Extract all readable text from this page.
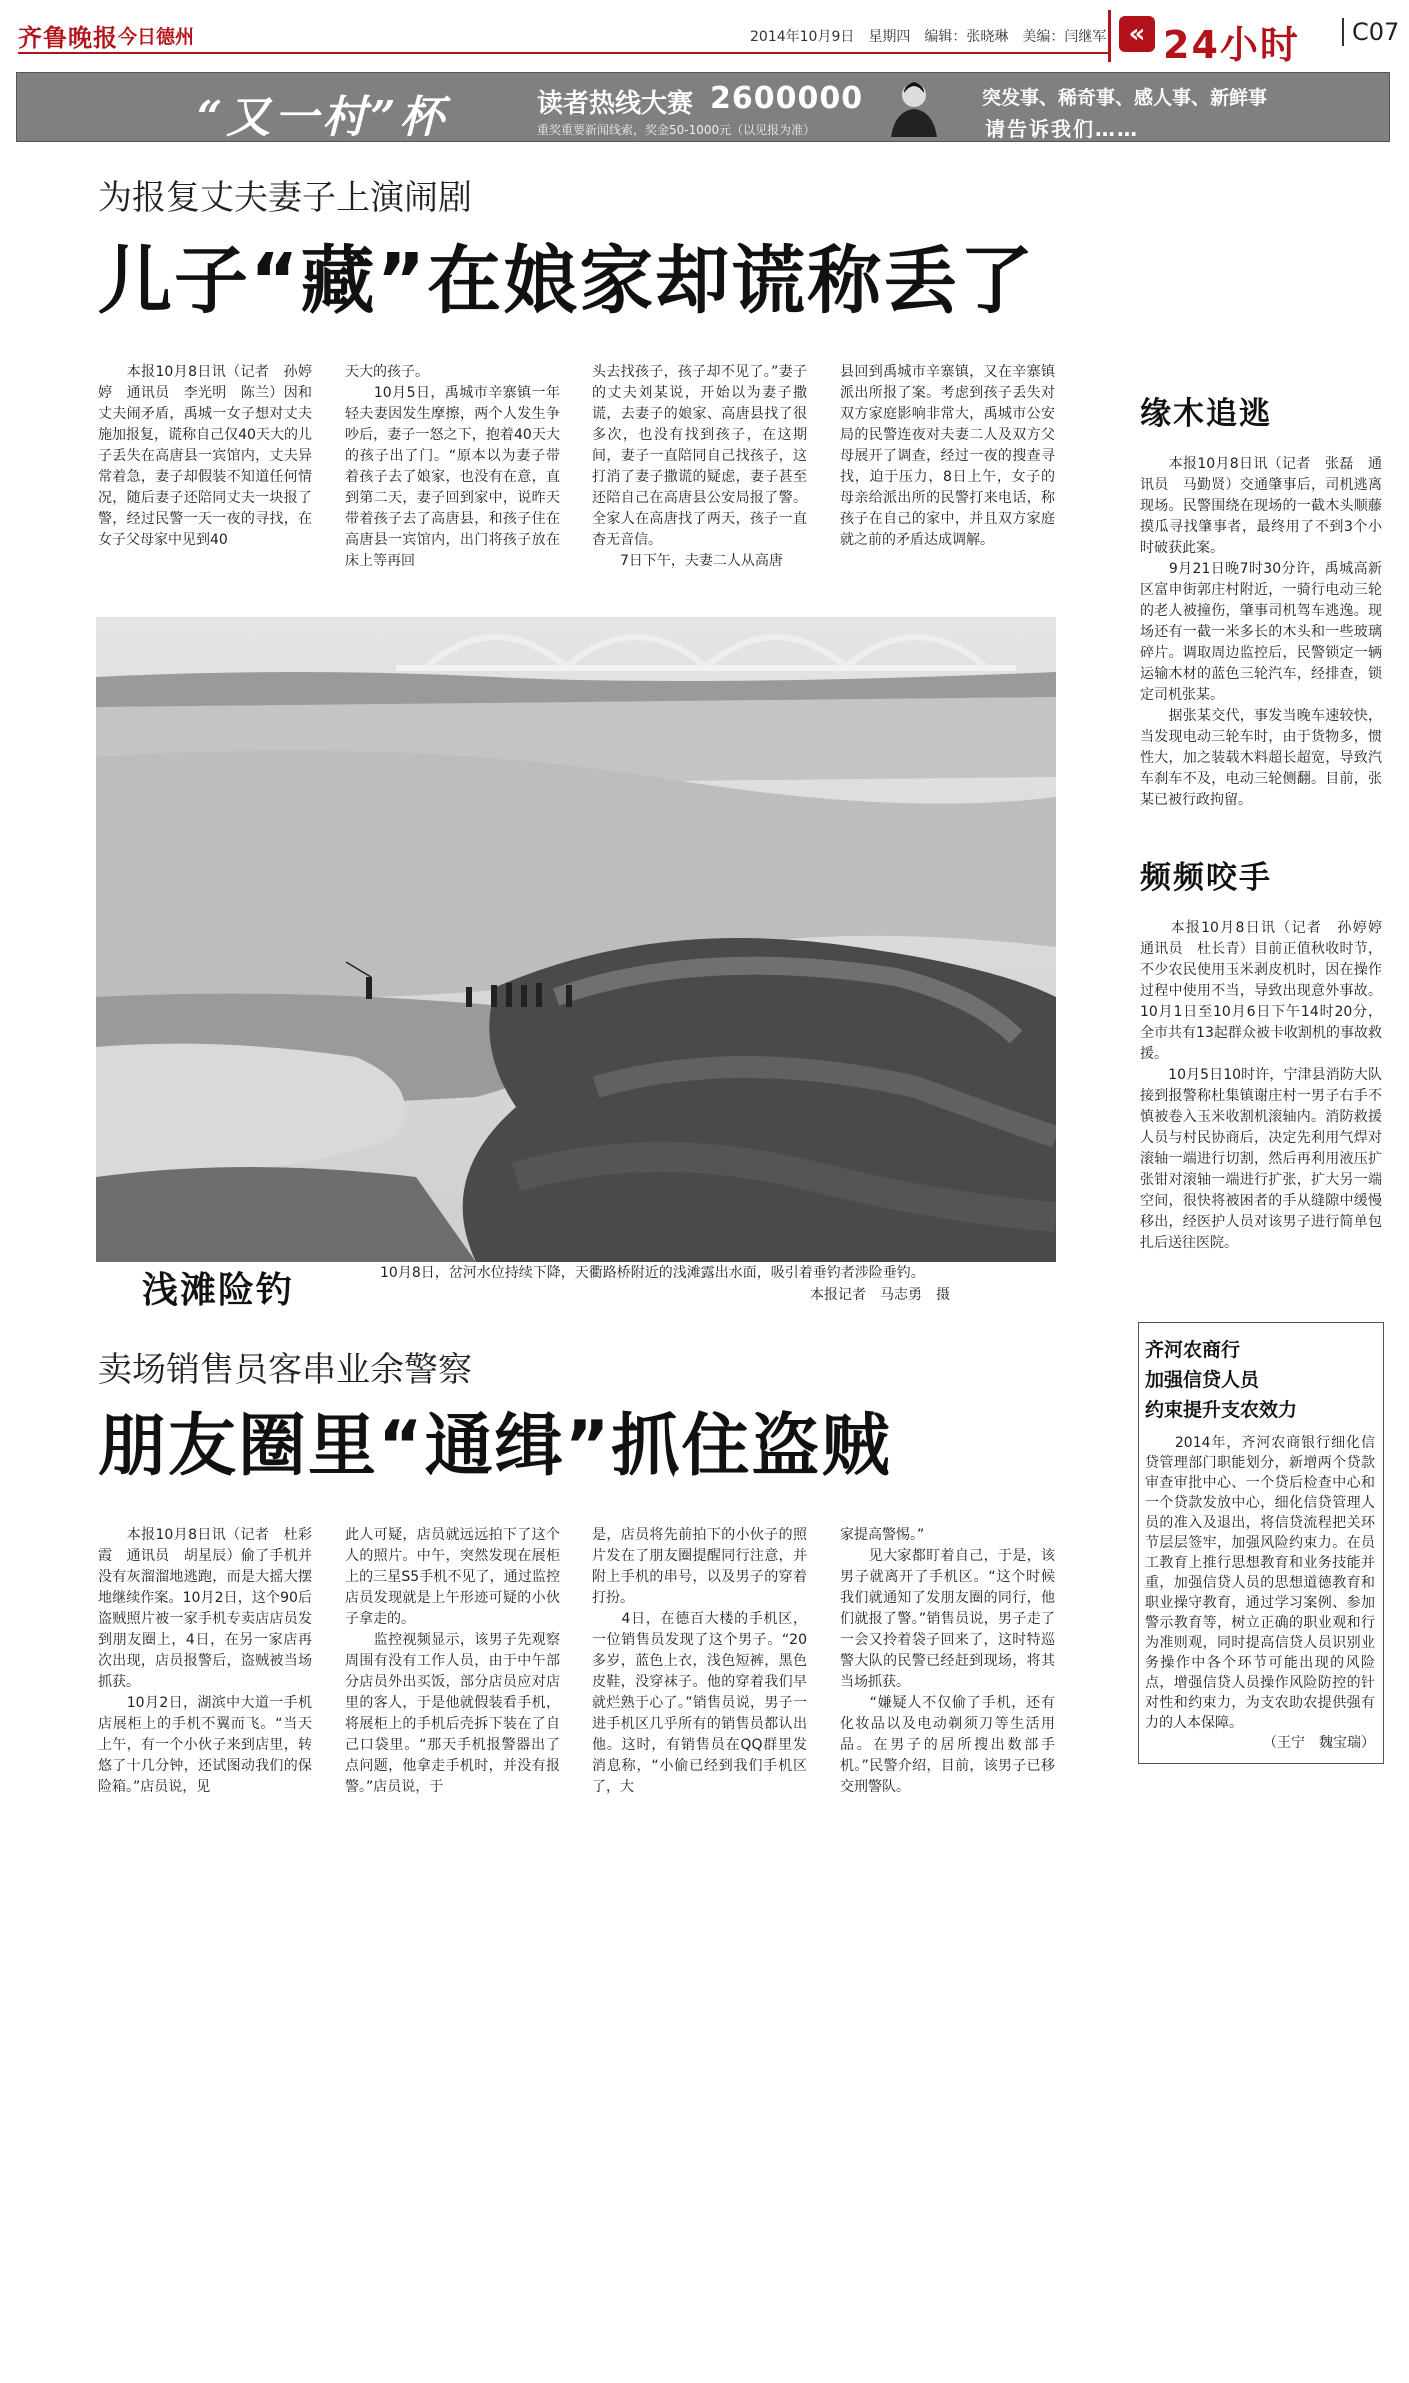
齐鲁晚报 今日德州	2014年10月9日　星期四　编辑：张晓琳　美编：闫继军 « 24小时	C07
“又一村”杯	读者热线大赛 2600000
重奖重要新闻线索，奖金50-1000元（以见报为准）
突发事、稀奇事、感人事、新鲜事
请告诉我们……
为报复丈夫妻子上演闹剧
儿子“藏”在娘家却谎称丢了
　　本报10月8日讯（记者　孙婷婷　通讯员　李光明　陈兰）因和丈夫闹矛盾，禹城一女子想对丈夫施加报复，谎称自己仅40天大的儿子丢失在高唐县一宾馆内，丈夫异常着急，妻子却假装不知道任何情况，随后妻子还陪同丈夫一块报了警，经过民警一天一夜的寻找，在女子父母家中见到40
天大的孩子。
　　10月5日，禹城市辛寨镇一年轻夫妻因发生摩擦，两个人发生争吵后，妻子一怒之下，抱着40天大的孩子出了门。“原本以为妻子带着孩子去了娘家，也没有在意，直到第二天，妻子回到家中，说昨天带着孩子去了高唐县，和孩子住在高唐县一宾馆内，出门将孩子放在床上等再回
头去找孩子，孩子却不见了。”妻子的丈夫刘某说，开始以为妻子撒谎，去妻子的娘家、高唐县找了很多次，也没有找到孩子，在这期间，妻子一直陪同自己找孩子，这打消了妻子撒谎的疑虑，妻子甚至还陪自己在高唐县公安局报了警。全家人在高唐找了两天，孩子一直杳无音信。
　　7日下午，夫妻二人从高唐
县回到禹城市辛寨镇，又在辛寨镇派出所报了案。考虑到孩子丢失对双方家庭影响非常大，禹城市公安局的民警连夜对夫妻二人及双方父母展开了调查，经过一夜的搜查寻找，迫于压力，8日上午，女子的母亲给派出所的民警打来电话，称孩子在自己的家中，并且双方家庭就之前的矛盾达成调解。
浅滩险钓	10月8日，岔河水位持续下降，天衢路桥附近的浅滩露出水面，吸引着垂钓者涉险垂钓。
本报记者　马志勇　摄
卖场销售员客串业余警察
朋友圈里“通缉”抓住盗贼
　　本报10月8日讯（记者　杜彩霞　通讯员　胡星辰）偷了手机并没有灰溜溜地逃跑，而是大摇大摆地继续作案。10月2日，这个90后盗贼照片被一家手机专卖店店员发到朋友圈上，4日，在另一家店再次出现，店员报警后，盗贼被当场抓获。
　　10月2日，湖滨中大道一手机店展柜上的手机不翼而飞。“当天上午，有一个小伙子来到店里，转悠了十几分钟，还试图动我们的保险箱。”店员说，见
此人可疑，店员就远远拍下了这个人的照片。中午，突然发现在展柜上的三星S5手机不见了，通过监控店员发现就是上午形迹可疑的小伙子拿走的。
　　监控视频显示，该男子先观察周围有没有工作人员，由于中午部分店员外出买饭，部分店员应对店里的客人，于是他就假装看手机，将展柜上的手机后壳拆下装在了自己口袋里。“那天手机报警器出了点问题，他拿走手机时，并没有报警。”店员说，于
是，店员将先前拍下的小伙子的照片发在了朋友圈提醒同行注意，并附上手机的串号，以及男子的穿着打扮。
　　4日，在德百大楼的手机区，一位销售员发现了这个男子。“20多岁，蓝色上衣，浅色短裤，黑色皮鞋，没穿袜子。他的穿着我们早就烂熟于心了。”销售员说，男子一进手机区几乎所有的销售员都认出他。这时，有销售员在QQ群里发消息称，“小偷已经到我们手机区了，大
家提高警惕。”
　　见大家都盯着自己，于是，该男子就离开了手机区。“这个时候我们就通知了发朋友圈的同行，他们就报了警。”销售员说，男子走了一会又拎着袋子回来了，这时特巡警大队的民警已经赶到现场，将其当场抓获。
　　“嫌疑人不仅偷了手机，还有化妆品以及电动剃须刀等生活用品。在男子的居所搜出数部手机。”民警介绍，目前，该男子已移交刑警队。
缘木追逃
　　本报10月8日讯（记者　张磊　通讯员　马勤贤）交通肇事后，司机逃离现场。民警围绕在现场的一截木头顺藤摸瓜寻找肇事者，最终用了不到3个小时破获此案。
　　9月21日晚7时30分许，禹城高新区富申街郭庄村附近，一骑行电动三轮的老人被撞伤，肇事司机驾车逃逸。现场还有一截一米多长的木头和一些玻璃碎片。调取周边监控后，民警锁定一辆运输木材的蓝色三轮汽车，经排查，锁定司机张某。
　　据张某交代，事发当晚车速较快，当发现电动三轮车时，由于货物多，惯性大，加之装载木料超长超宽，导致汽车刹车不及，电动三轮侧翻。目前，张某已被行政拘留。
频频咬手
　　本报10月8日讯（记者　孙婷婷　通讯员　杜长青）目前正值秋收时节，不少农民使用玉米剥皮机时，因在操作过程中使用不当，导致出现意外事故。10月1日至10月6日下午14时20分，全市共有13起群众被卡收割机的事故救援。
　　10月5日10时许，宁津县消防大队接到报警称杜集镇谢庄村一男子右手不慎被卷入玉米收割机滚轴内。消防救援人员与村民协商后，决定先利用气焊对滚轴一端进行切割，然后再利用液压扩张钳对滚轴一端进行扩张，扩大另一端空间，很快将被困者的手从缝隙中缓慢移出，经医护人员对该男子进行简单包扎后送往医院。
齐河农商行
加强信贷人员
约束提升支农效力
　　2014年，齐河农商银行细化信贷管理部门职能划分，新增两个贷款审查审批中心、一个贷后检查中心和一个贷款发放中心，细化信贷管理人员的准入及退出，将信贷流程把关环节层层签牢，加强风险约束力。在员工教育上推行思想教育和业务技能并重，加强信贷人员的思想道德教育和职业操守教育，通过学习案例、参加警示教育等，树立正确的职业观和行为准则观，同时提高信贷人员识别业务操作中各个环节可能出现的风险点，增强信贷人员操作风险防控的针对性和约束力，为支农助农提供强有力的人本保障。
（王宁　魏宝瑞）
